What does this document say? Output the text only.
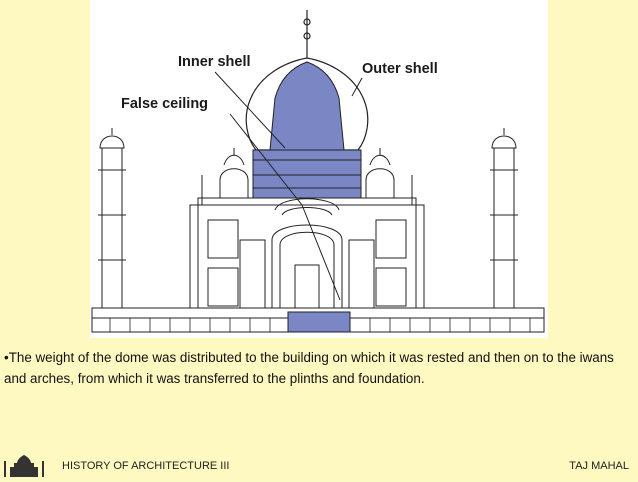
Inner shell	Outer shell
False ceiling
•The weight of the dome was distributed to the building on which it was rested and then on to the iwans and arches, from which it was transferred to the plinths and foundation.
HISTORY OF ARCHITECTURE III	TAJ MAHAL
